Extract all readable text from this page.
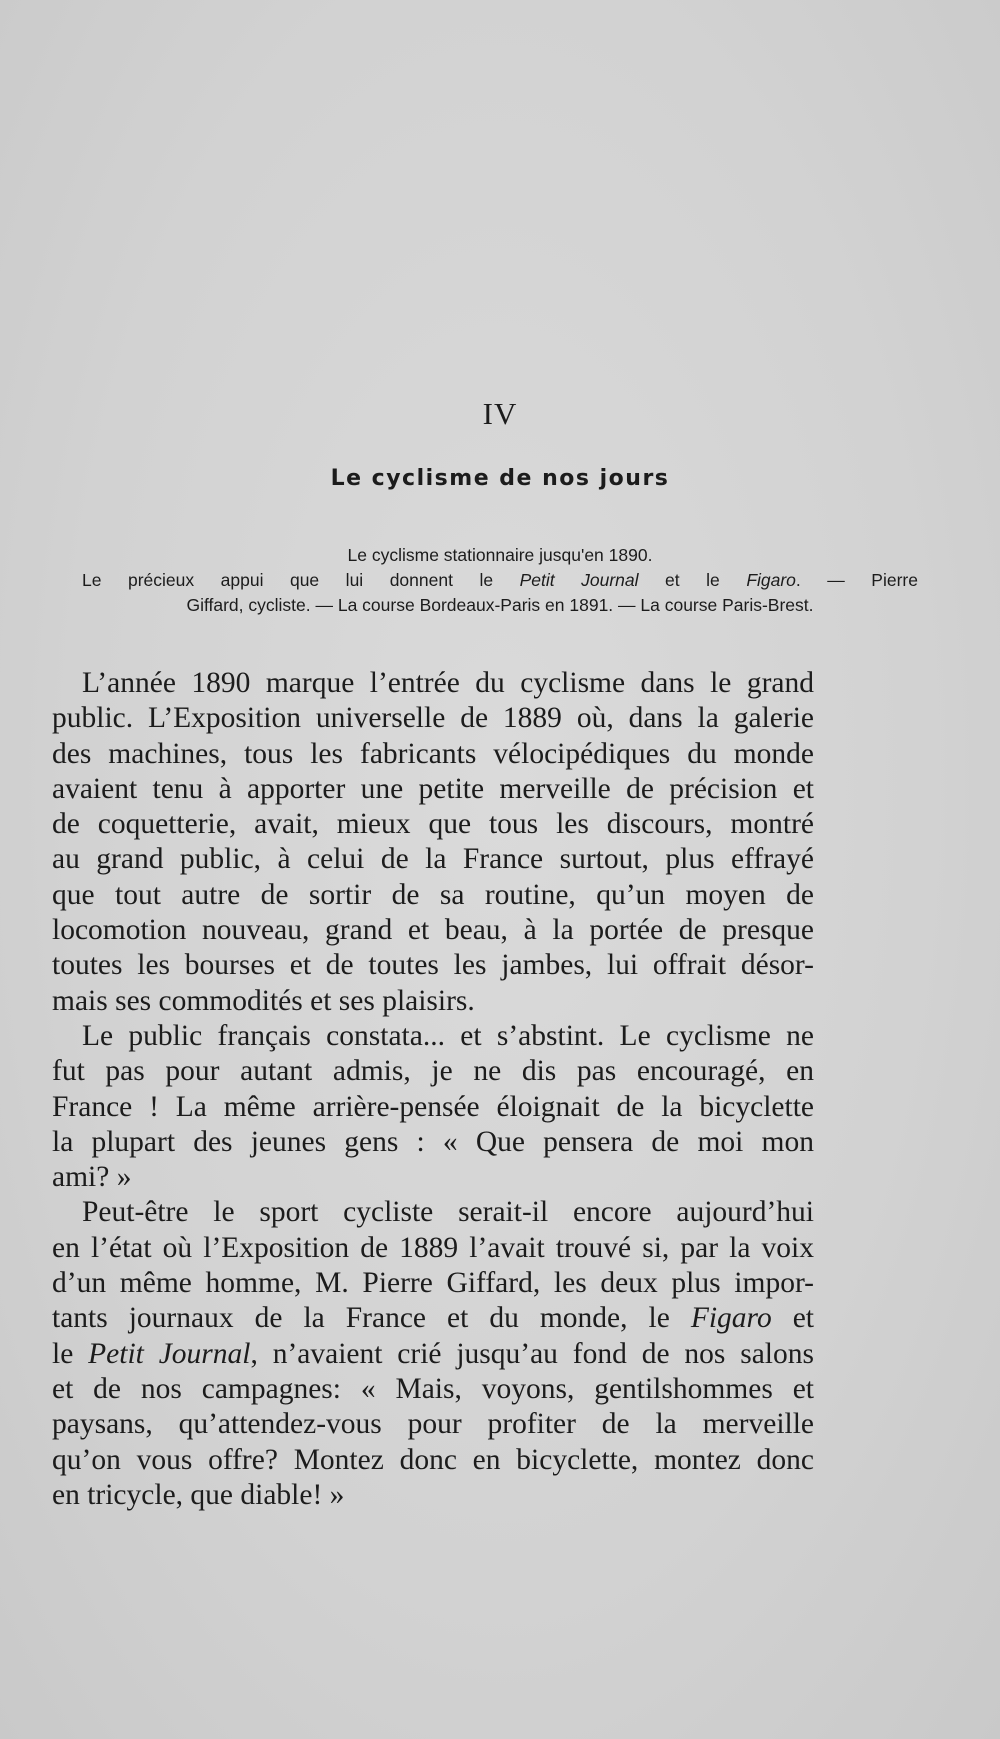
IV
Le cyclisme de nos jours
Le cyclisme stationnaire jusqu'en 1890.
Le précieux appui que lui donnent le Petit Journal et le Figaro. — Pierre
Giffard, cycliste. — La course Bordeaux-Paris en 1891. — La course Paris-Brest.
L’année 1890 marque l’entrée du cyclisme dans le grand
public. L’Exposition universelle de 1889 où, dans la galerie
des machines, tous les fabricants vélocipédiques du monde
avaient tenu à apporter une petite merveille de précision et
de coquetterie, avait, mieux que tous les discours, montré
au grand public, à celui de la France surtout, plus effrayé
que tout autre de sortir de sa routine, qu’un moyen de
locomotion nouveau, grand et beau, à la portée de presque
toutes les bourses et de toutes les jambes, lui offrait désor-
mais ses commodités et ses plaisirs.
Le public français constata... et s’abstint. Le cyclisme ne
fut pas pour autant admis, je ne dis pas encouragé, en
France ! La même arrière-pensée éloignait de la bicyclette
la plupart des jeunes gens : « Que pensera de moi mon
ami? »
Peut-être le sport cycliste serait-il encore aujourd’hui
en l’état où l’Exposition de 1889 l’avait trouvé si, par la voix
d’un même homme, M. Pierre Giffard, les deux plus impor-
tants journaux de la France et du monde, le Figaro et
le Petit Journal, n’avaient crié jusqu’au fond de nos salons
et de nos campagnes: « Mais, voyons, gentilshommes et
paysans, qu’attendez-vous pour profiter de la merveille
qu’on vous offre? Montez donc en bicyclette, montez donc
en tricycle, que diable! »
